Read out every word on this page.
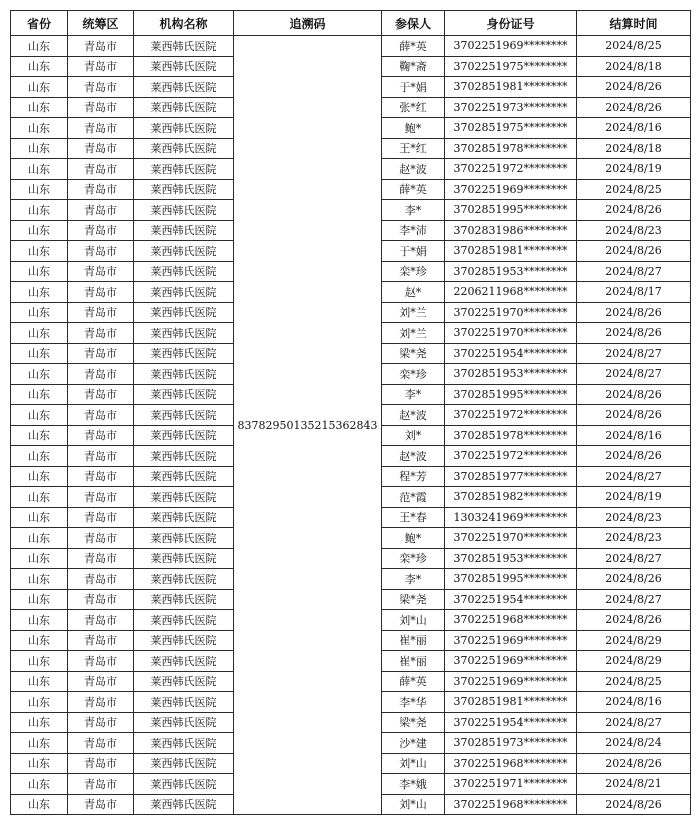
省份	统筹区	机构名称	追溯码	参保人	身份证号	结算时间
山东	青岛市	莱西韩氏医院	83782950135215362843	薛*英	3702251969********	2024/8/25
山东	青岛市	莱西韩氏医院		鞠*斋	3702251975********	2024/8/18
山东	青岛市	莱西韩氏医院		于*娟	3702851981********	2024/8/26
山东	青岛市	莱西韩氏医院		张*红	3702251973********	2024/8/26
山东	青岛市	莱西韩氏医院		鲍*	3702851975********	2024/8/16
山东	青岛市	莱西韩氏医院		王*红	3702851978********	2024/8/18
山东	青岛市	莱西韩氏医院		赵*波	3702251972********	2024/8/19
山东	青岛市	莱西韩氏医院		薛*英	3702251969********	2024/8/25
山东	青岛市	莱西韩氏医院		李*	3702851995********	2024/8/26
山东	青岛市	莱西韩氏医院		李*沛	3702831986********	2024/8/23
山东	青岛市	莱西韩氏医院		于*娟	3702851981********	2024/8/26
山东	青岛市	莱西韩氏医院		栾*珍	3702851953********	2024/8/27
山东	青岛市	莱西韩氏医院		赵*	2206211968********	2024/8/17
山东	青岛市	莱西韩氏医院		刘*兰	3702251970********	2024/8/26
山东	青岛市	莱西韩氏医院		刘*兰	3702251970********	2024/8/26
山东	青岛市	莱西韩氏医院		梁*尧	3702251954********	2024/8/27
山东	青岛市	莱西韩氏医院		栾*珍	3702851953********	2024/8/27
山东	青岛市	莱西韩氏医院		李*	3702851995********	2024/8/26
山东	青岛市	莱西韩氏医院		赵*波	3702251972********	2024/8/26
山东	青岛市	莱西韩氏医院		刘*	3702851978********	2024/8/16
山东	青岛市	莱西韩氏医院		赵*波	3702251972********	2024/8/26
山东	青岛市	莱西韩氏医院		程*芳	3702851977********	2024/8/27
山东	青岛市	莱西韩氏医院		范*霞	3702851982********	2024/8/19
山东	青岛市	莱西韩氏医院		王*春	1303241969********	2024/8/23
山东	青岛市	莱西韩氏医院		鲍*	3702251970********	2024/8/23
山东	青岛市	莱西韩氏医院		栾*珍	3702851953********	2024/8/27
山东	青岛市	莱西韩氏医院		李*	3702851995********	2024/8/26
山东	青岛市	莱西韩氏医院		梁*尧	3702251954********	2024/8/27
山东	青岛市	莱西韩氏医院		刘*山	3702251968********	2024/8/26
山东	青岛市	莱西韩氏医院		崔*丽	3702251969********	2024/8/29
山东	青岛市	莱西韩氏医院		崔*丽	3702251969********	2024/8/29
山东	青岛市	莱西韩氏医院		薛*英	3702251969********	2024/8/25
山东	青岛市	莱西韩氏医院		李*华	3702851981********	2024/8/16
山东	青岛市	莱西韩氏医院		梁*尧	3702251954********	2024/8/27
山东	青岛市	莱西韩氏医院		沙*建	3702851973********	2024/8/24
山东	青岛市	莱西韩氏医院		刘*山	3702251968********	2024/8/26
山东	青岛市	莱西韩氏医院		李*娥	3702251971********	2024/8/21
山东	青岛市	莱西韩氏医院		刘*山	3702251968********	2024/8/26
